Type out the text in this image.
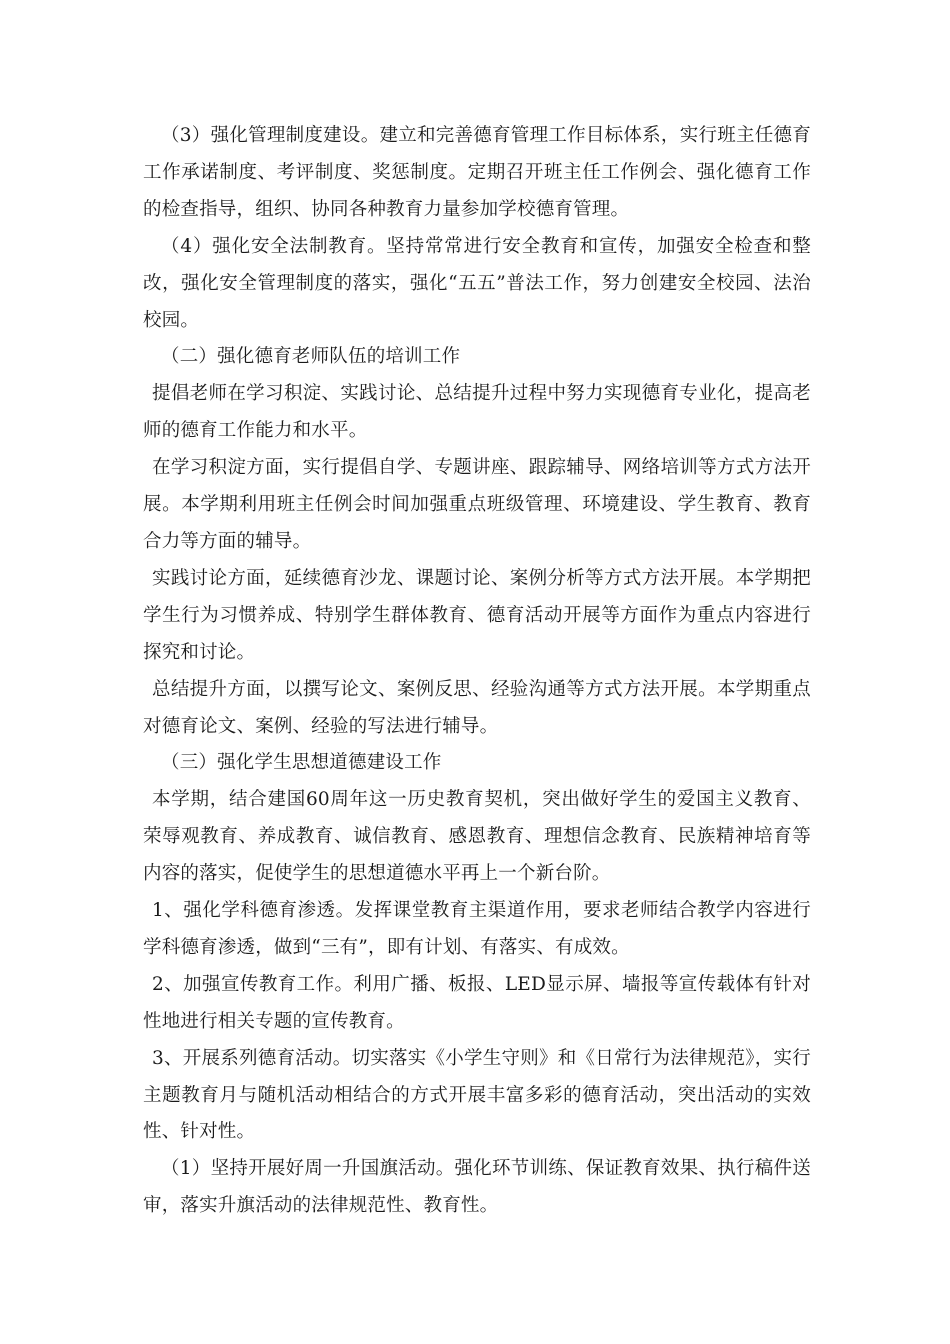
（3）强化管理制度建设。建立和完善德育管理工作目标体系，实行班主任德育工作承诺制度、考评制度、奖惩制度。定期召开班主任工作例会、强化德育工作的检查指导，组织、协同各种教育力量参加学校德育管理。

（4）强化安全法制教育。坚持常常进行安全教育和宣传，加强安全检查和整改，强化安全管理制度的落实，强化“五五”普法工作，努力创建安全校园、法治校园。

（二）强化德育老师队伍的培训工作

提倡老师在学习积淀、实践讨论、总结提升过程中努力实现德育专业化，提高老师的德育工作能力和水平。

在学习积淀方面，实行提倡自学、专题讲座、跟踪辅导、网络培训等方式方法开展。本学期利用班主任例会时间加强重点班级管理、环境建设、学生教育、教育合力等方面的辅导。

实践讨论方面，延续德育沙龙、课题讨论、案例分析等方式方法开展。本学期把学生行为习惯养成、特别学生群体教育、德育活动开展等方面作为重点内容进行探究和讨论。

总结提升方面，以撰写论文、案例反思、经验沟通等方式方法开展。本学期重点对德育论文、案例、经验的写法进行辅导。

（三）强化学生思想道德建设工作

本学期，结合建国60周年这一历史教育契机，突出做好学生的爱国主义教育、荣辱观教育、养成教育、诚信教育、感恩教育、理想信念教育、民族精神培育等内容的落实，促使学生的思想道德水平再上一个新台阶。

1、强化学科德育渗透。发挥课堂教育主渠道作用，要求老师结合教学内容进行学科德育渗透，做到“三有”，即有计划、有落实、有成效。

2、加强宣传教育工作。利用广播、板报、LED显示屏、墙报等宣传载体有针对性地进行相关专题的宣传教育。

3、开展系列德育活动。切实落实《小学生守则》和《日常行为法律规范》，实行主题教育月与随机活动相结合的方式开展丰富多彩的德育活动，突出活动的实效性、针对性。

（1）坚持开展好周一升国旗活动。强化环节训练、保证教育效果、执行稿件送审，落实升旗活动的法律规范性、教育性。
